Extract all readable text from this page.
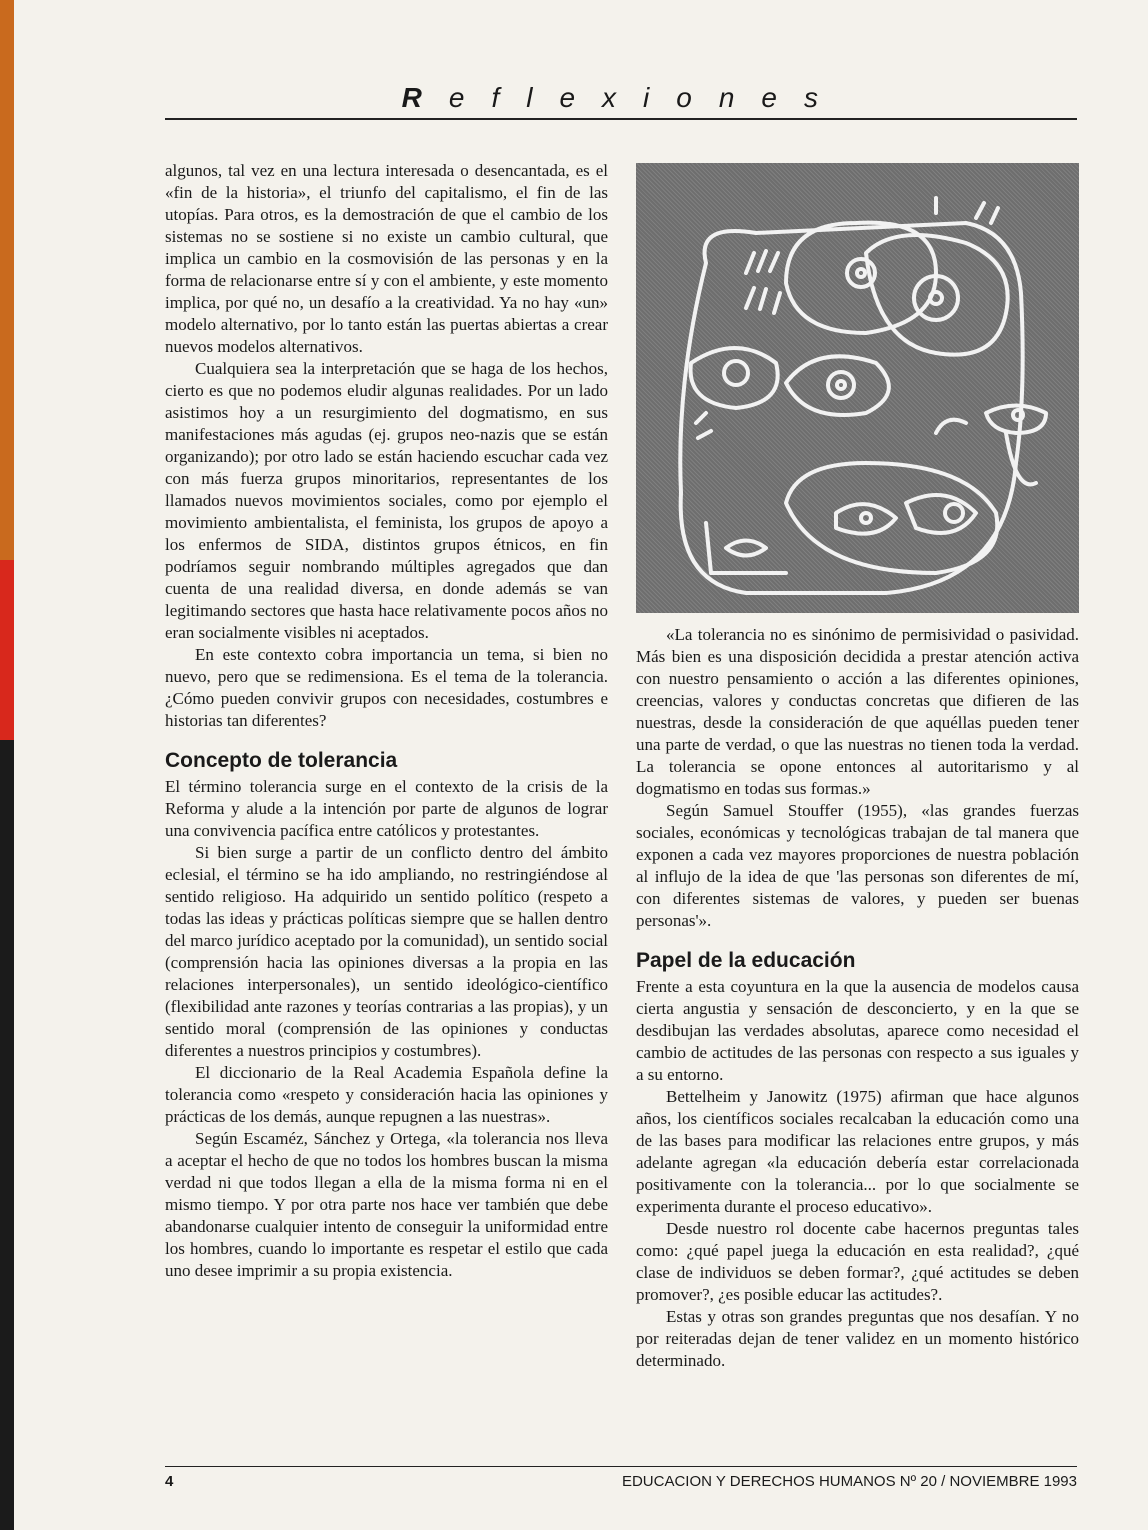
Reflexiones

algunos, tal vez en una lectura interesada o desencantada, es el «fin de la historia», el triunfo del capitalismo, el fin de las utopías. Para otros, es la demostración de que el cambio de los sistemas no se sostiene si no existe un cambio cultural, que implica un cambio en la cosmovisión de las personas y en la forma de relacionarse entre sí y con el ambiente, y este momento implica, por qué no, un desafío a la creatividad. Ya no hay «un» modelo alternativo, por lo tanto están las puertas abiertas a crear nuevos modelos alternativos.

Cualquiera sea la interpretación que se haga de los hechos, cierto es que no podemos eludir algunas realidades. Por un lado asistimos hoy a un resurgimiento del dogmatismo, en sus manifestaciones más agudas (ej. grupos neo-nazis que se están organizando); por otro lado se están haciendo escuchar cada vez con más fuerza grupos minoritarios, representantes de los llamados nuevos movimientos sociales, como por ejemplo el movimiento ambientalista, el feminista, los grupos de apoyo a los enfermos de SIDA, distintos grupos étnicos, en fin podríamos seguir nombrando múltiples agregados que dan cuenta de una realidad diversa, en donde además se van legitimando sectores que hasta hace relativamente pocos años no eran socialmente visibles ni aceptados.

En este contexto cobra importancia un tema, si bien no nuevo, pero que se redimensiona. Es el tema de la tolerancia. ¿Cómo pueden convivir grupos con necesidades, costumbres e historias tan diferentes?

Concepto de tolerancia

El término tolerancia surge en el contexto de la crisis de la Reforma y alude a la intención por parte de algunos de lograr una convivencia pacífica entre católicos y protestantes.

Si bien surge a partir de un conflicto dentro del ámbito eclesial, el término se ha ido ampliando, no restringiéndose al sentido religioso. Ha adquirido un sentido político (respeto a todas las ideas y prácticas políticas siempre que se hallen dentro del marco jurídico aceptado por la comunidad), un sentido social (comprensión hacia las opiniones diversas a la propia en las relaciones interpersonales), un sentido ideológico-científico (flexibilidad ante razones y teorías contrarias a las propias), y un sentido moral (comprensión de las opiniones y conductas diferentes a nuestros principios y costumbres).

El diccionario de la Real Academia Española define la tolerancia como «respeto y consideración hacia las opiniones y prácticas de los demás, aunque repugnen a las nuestras».

Según Escaméz, Sánchez y Ortega, «la tolerancia nos lleva a aceptar el hecho de que no todos los hombres buscan la misma verdad ni que todos llegan a ella de la misma forma ni en el mismo tiempo. Y por otra parte nos hace ver también que debe abandonarse cualquier intento de conseguir la uniformidad entre los hombres, cuando lo importante es respetar el estilo que cada uno desee imprimir a su propia existencia.

«La tolerancia no es sinónimo de permisividad o pasividad. Más bien es una disposición decidida a prestar atención activa con nuestro pensamiento o acción a las diferentes opiniones, creencias, valores y conductas concretas que difieren de las nuestras, desde la consideración de que aquéllas pueden tener una parte de verdad, o que las nuestras no tienen toda la verdad. La tolerancia se opone entonces al autoritarismo y al dogmatismo en todas sus formas.»

Según Samuel Stouffer (1955), «las grandes fuerzas sociales, económicas y tecnológicas trabajan de tal manera que exponen a cada vez mayores proporciones de nuestra población al influjo de la idea de que 'las personas son diferentes de mí, con diferentes sistemas de valores, y pueden ser buenas personas'».

Papel de la educación

Frente a esta coyuntura en la que la ausencia de modelos causa cierta angustia y sensación de desconcierto, y en la que se desdibujan las verdades absolutas, aparece como necesidad el cambio de actitudes de las personas con respecto a sus iguales y a su entorno.

Bettelheim y Janowitz (1975) afirman que hace algunos años, los científicos sociales recalcaban la educación como una de las bases para modificar las relaciones entre grupos, y más adelante agregan «la educación debería estar correlacionada positivamente con la tolerancia... por lo que socialmente se experimenta durante el proceso educativo».

Desde nuestro rol docente cabe hacernos preguntas tales como: ¿qué papel juega la educación en esta realidad?, ¿qué clase de individuos se deben formar?, ¿qué actitudes se deben promover?, ¿es posible educar las actitudes?.

Estas y otras son grandes preguntas que nos desafían. Y no por reiteradas dejan de tener validez en un momento histórico determinado.

4	EDUCACION Y DERECHOS HUMANOS Nº 20 / NOVIEMBRE 1993
